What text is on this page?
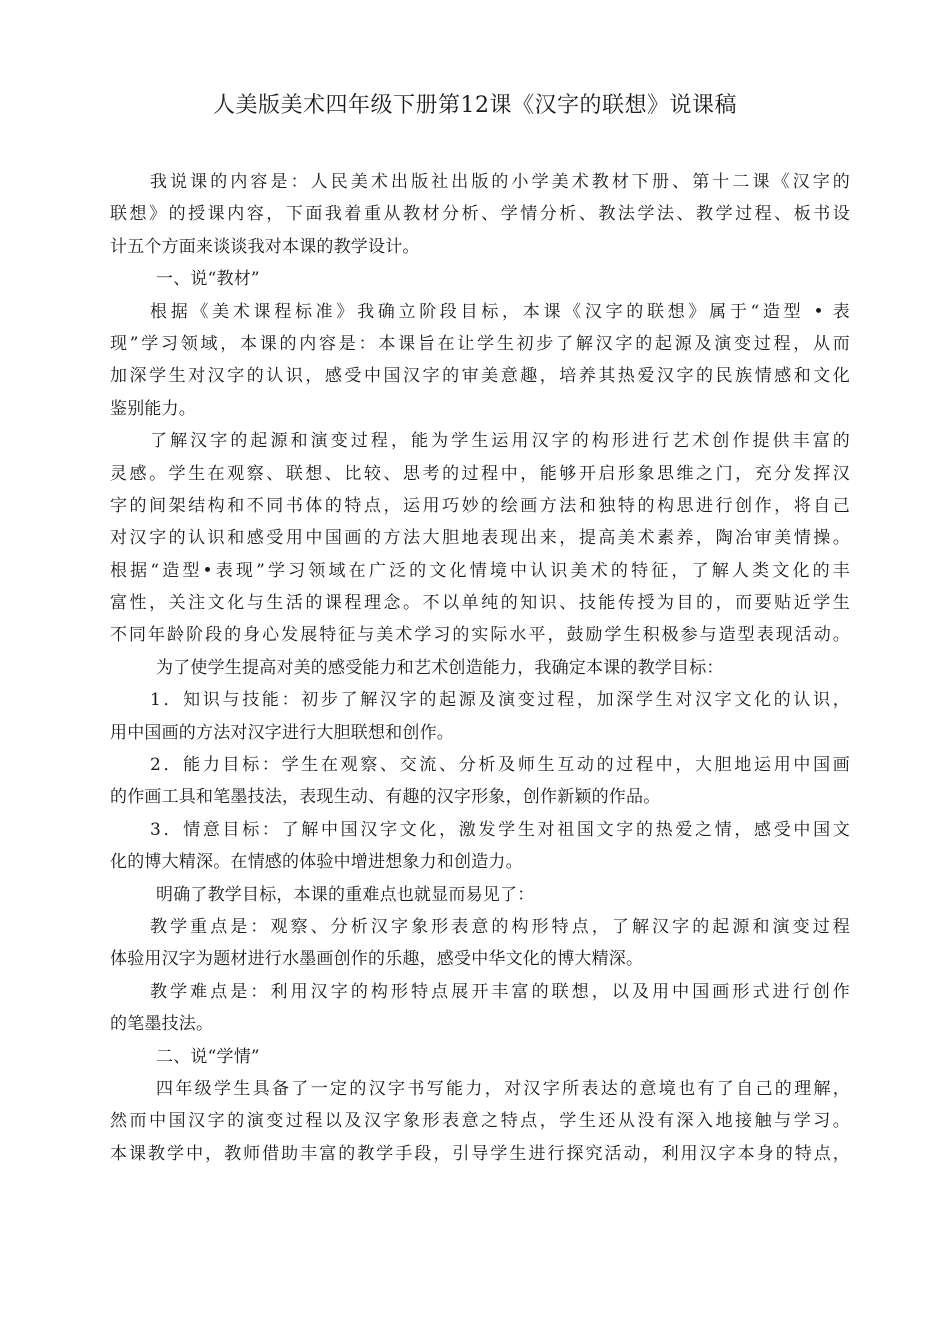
人美版美术四年级下册第12课《汉字的联想》说课稿
我说课的内容是：人民美术出版社出版的小学美术教材下册、第十二课《汉字的
联想》的授课内容，下面我着重从教材分析、学情分析、教法学法、教学过程、板书设
计五个方面来谈谈我对本课的教学设计。
一、说“教材”
根据《美术课程标准》我确立阶段目标，本课《汉字的联想》属于“造型 • 表
现”学习领域，本课的内容是：本课旨在让学生初步了解汉字的起源及演变过程，从而
加深学生对汉字的认识，感受中国汉字的审美意趣，培养其热爱汉字的民族情感和文化
鉴别能力。
了解汉字的起源和演变过程，能为学生运用汉字的构形进行艺术创作提供丰富的
灵感。学生在观察、联想、比较、思考的过程中，能够开启形象思维之门，充分发挥汉
字的间架结构和不同书体的特点，运用巧妙的绘画方法和独特的构思进行创作，将自己
对汉字的认识和感受用中国画的方法大胆地表现出来，提高美术素养，陶冶审美情操。
根据“造型•表现”学习领域在广泛的文化情境中认识美术的特征，了解人类文化的丰
富性，关注文化与生活的课程理念。不以单纯的知识、技能传授为目的，而要贴近学生
不同年龄阶段的身心发展特征与美术学习的实际水平，鼓励学生积极参与造型表现活动。
为了使学生提高对美的感受能力和艺术创造能力，我确定本课的教学目标：
1．知识与技能：初步了解汉字的起源及演变过程，加深学生对汉字文化的认识，
用中国画的方法对汉字进行大胆联想和创作。
2．能力目标：学生在观察、交流、分析及师生互动的过程中，大胆地运用中国画
的作画工具和笔墨技法，表现生动、有趣的汉字形象，创作新颖的作品。
3．情意目标：了解中国汉字文化，激发学生对祖国文字的热爱之情，感受中国文
化的博大精深。在情感的体验中增进想象力和创造力。
明确了教学目标，本课的重难点也就显而易见了：
教学重点是：观察、分析汉字象形表意的构形特点，了解汉字的起源和演变过程
体验用汉字为题材进行水墨画创作的乐趣，感受中华文化的博大精深。
教学难点是：利用汉字的构形特点展开丰富的联想，以及用中国画形式进行创作
的笔墨技法。
二、说“学情”
四年级学生具备了一定的汉字书写能力，对汉字所表达的意境也有了自己的理解，
然而中国汉字的演变过程以及汉字象形表意之特点，学生还从没有深入地接触与学习。
本课教学中，教师借助丰富的教学手段，引导学生进行探究活动，利用汉字本身的特点，
